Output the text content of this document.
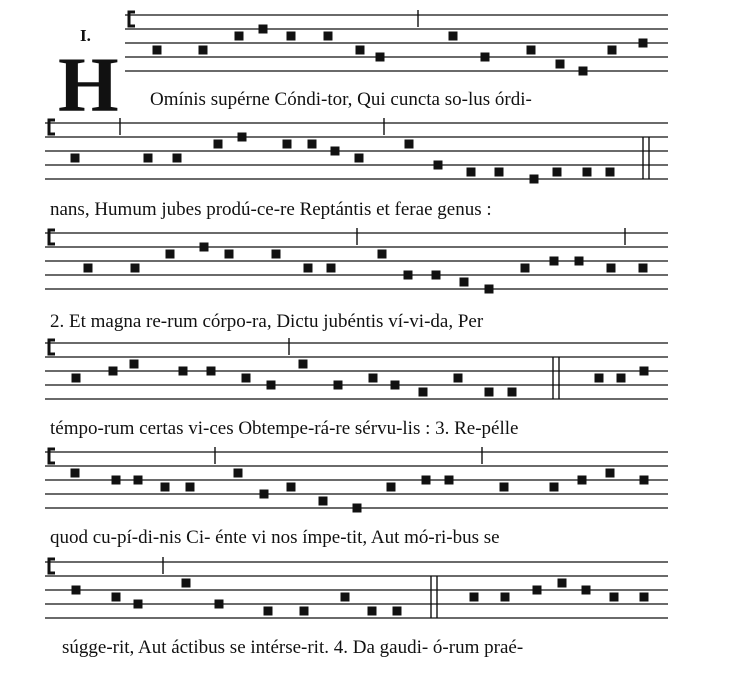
I.
H Omínis supérne Cóndi-tor, Qui cuncta so-lus órdi-
nans, Humum jubes prodú-ce-re Reptántis et ferae genus :
2. Et magna re-rum córpo-ra, Dictu jubéntis ví-vi-da, Per
témpo-rum certas vi-ces Obtempe-rá-re sérvu-lis : 3. Re-pélle
quod cu-pí-di-nis Ci- énte vi nos ímpe-tit, Aut mó-ri-bus se
súgge-rit, Aut áctibus se intérse-rit. 4. Da gaudi- ó-rum praé-
